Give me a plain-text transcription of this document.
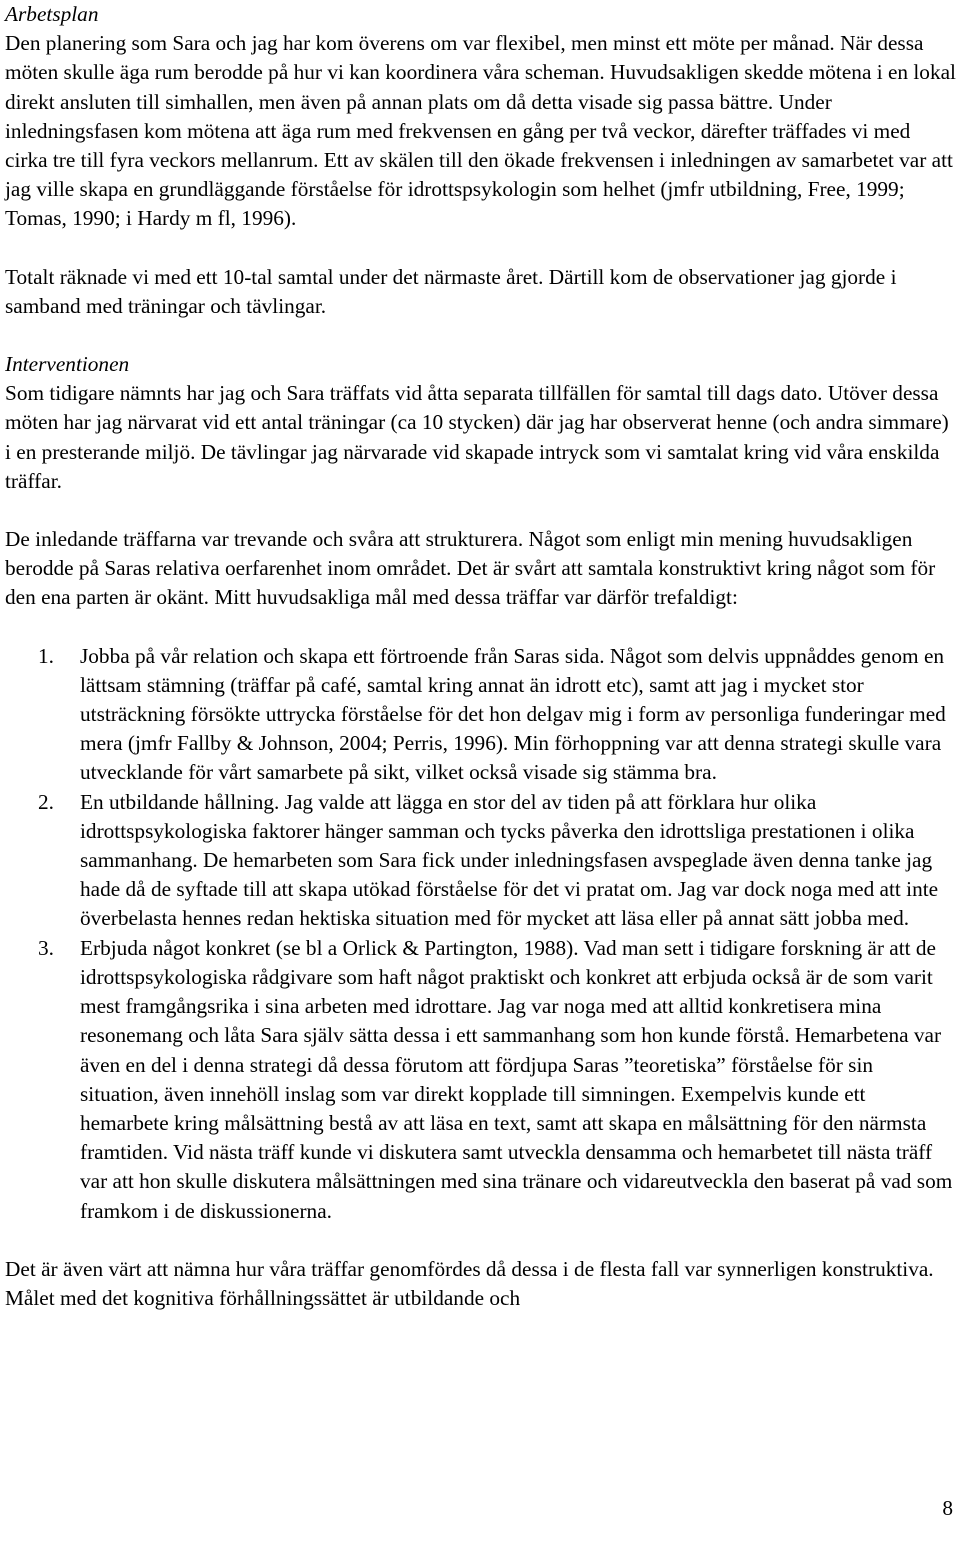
Arbetsplan

Den planering som Sara och jag har kom överens om var flexibel, men minst ett möte per månad. När dessa möten skulle äga rum berodde på hur vi kan koordinera våra scheman. Huvudsakligen skedde mötena i en lokal direkt ansluten till simhallen, men även på annan plats om då detta visade sig passa bättre. Under inledningsfasen kom mötena att äga rum med frekvensen en gång per två veckor, därefter träffades vi med cirka tre till fyra veckors mellanrum. Ett av skälen till den ökade frekvensen i inledningen av samarbetet var att jag ville skapa en grundläggande förståelse för idrottspsykologin som helhet (jmfr utbildning, Free, 1999; Tomas, 1990; i Hardy m fl, 1996).

Totalt räknade vi med ett 10-tal samtal under det närmaste året. Därtill kom de observationer jag gjorde i samband med träningar och tävlingar.

Interventionen

Som tidigare nämnts har jag och Sara träffats vid åtta separata tillfällen för samtal till dags dato. Utöver dessa möten har jag närvarat vid ett antal träningar (ca 10 stycken) där jag har observerat henne (och andra simmare) i en presterande miljö. De tävlingar jag närvarade vid skapade intryck som vi samtalat kring vid våra enskilda träffar.

De inledande träffarna var trevande och svåra att strukturera. Något som enligt min mening huvudsakligen berodde på Saras relativa oerfarenhet inom området. Det är svårt att samtala konstruktivt kring något som för den ena parten är okänt. Mitt huvudsakliga mål med dessa träffar var därför trefaldigt:

1. Jobba på vår relation och skapa ett förtroende från Saras sida. Något som delvis uppnåddes genom en lättsam stämning (träffar på café, samtal kring annat än idrott etc), samt att jag i mycket stor utsträckning försökte uttrycka förståelse för det hon delgav mig i form av personliga funderingar med mera (jmfr Fallby & Johnson, 2004; Perris, 1996). Min förhoppning var att denna strategi skulle vara utvecklande för vårt samarbete på sikt, vilket också visade sig stämma bra.
2. En utbildande hållning. Jag valde att lägga en stor del av tiden på att förklara hur olika idrottspsykologiska faktorer hänger samman och tycks påverka den idrottsliga prestationen i olika sammanhang. De hemarbeten som Sara fick under inledningsfasen avspeglade även denna tanke jag hade då de syftade till att skapa utökad förståelse för det vi pratat om. Jag var dock noga med att inte överbelasta hennes redan hektiska situation med för mycket att läsa eller på annat sätt jobba med.
3. Erbjuda något konkret (se bl a Orlick & Partington, 1988). Vad man sett i tidigare forskning är att de idrottspsykologiska rådgivare som haft något praktiskt och konkret att erbjuda också är de som varit mest framgångsrika i sina arbeten med idrottare. Jag var noga med att alltid konkretisera mina resonemang och låta Sara själv sätta dessa i ett sammanhang som hon kunde förstå. Hemarbetena var även en del i denna strategi då dessa förutom att fördjupa Saras ”teoretiska” förståelse för sin situation, även innehöll inslag som var direkt kopplade till simningen. Exempelvis kunde ett hemarbete kring målsättning bestå av att läsa en text, samt att skapa en målsättning för den närmsta framtiden. Vid nästa träff kunde vi diskutera samt utveckla densamma och hemarbetet till nästa träff var att hon skulle diskutera målsättningen med sina tränare och vidareutveckla den baserat på vad som framkom i de diskussionerna.

Det är även värt att nämna hur våra träffar genomfördes då dessa i de flesta fall var synnerligen konstruktiva. Målet med det kognitiva förhållningssättet är utbildande och

8
